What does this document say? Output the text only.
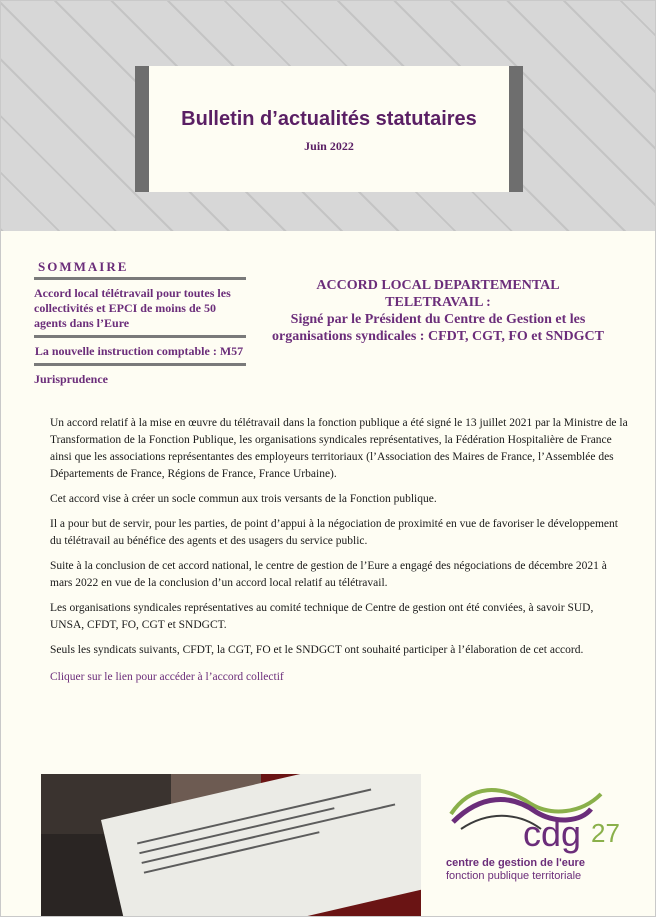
Bulletin d’actualités statutaires
Juin 2022
SOMMAIRE
Accord local télétravail pour toutes les collectivités et EPCI de moins de 50 agents dans l’Eure
La nouvelle instruction comptable : M57
Jurisprudence
ACCORD LOCAL DEPARTEMENTAL
TELETRAVAIL :
Signé par le Président du Centre de Gestion et les organisations syndicales : CFDT, CGT, FO et SNDGCT

Un accord relatif à la mise en œuvre du télétravail dans la fonction publique a été signé le 13 juillet 2021 par la Ministre de la Transformation de la Fonction Publique, les organisations syndicales représentatives, la Fédération Hospitalière de France ainsi que les associations représentantes des employeurs territoriaux (l’Association des Maires de France, l’Assemblée des Départements de France, Régions de France, France Urbaine).

Cet accord vise à créer un socle commun aux trois versants de la Fonction publique.

Il a pour but de servir, pour les parties, de point d’appui à la négociation de proximité en vue de favoriser le développement du télétravail au bénéfice des agents et des usagers du service public.

Suite à la conclusion de cet accord national, le centre de gestion de l’Eure a engagé des négociations de décembre 2021 à mars 2022 en vue de la conclusion d’un accord local relatif au télétravail.

Les organisations syndicales représentatives au comité technique de Centre de gestion ont été conviées, à savoir SUD, UNSA, CFDT, FO, CGT et SNDGCT.

Seuls les syndicats suivants, CFDT, la CGT, FO et le SNDGCT ont souhaité participer à l’élaboration de cet accord.

Cliquer sur le lien pour accéder à l’accord collectif

cdg 27
centre de gestion de l'eure
fonction publique territoriale
